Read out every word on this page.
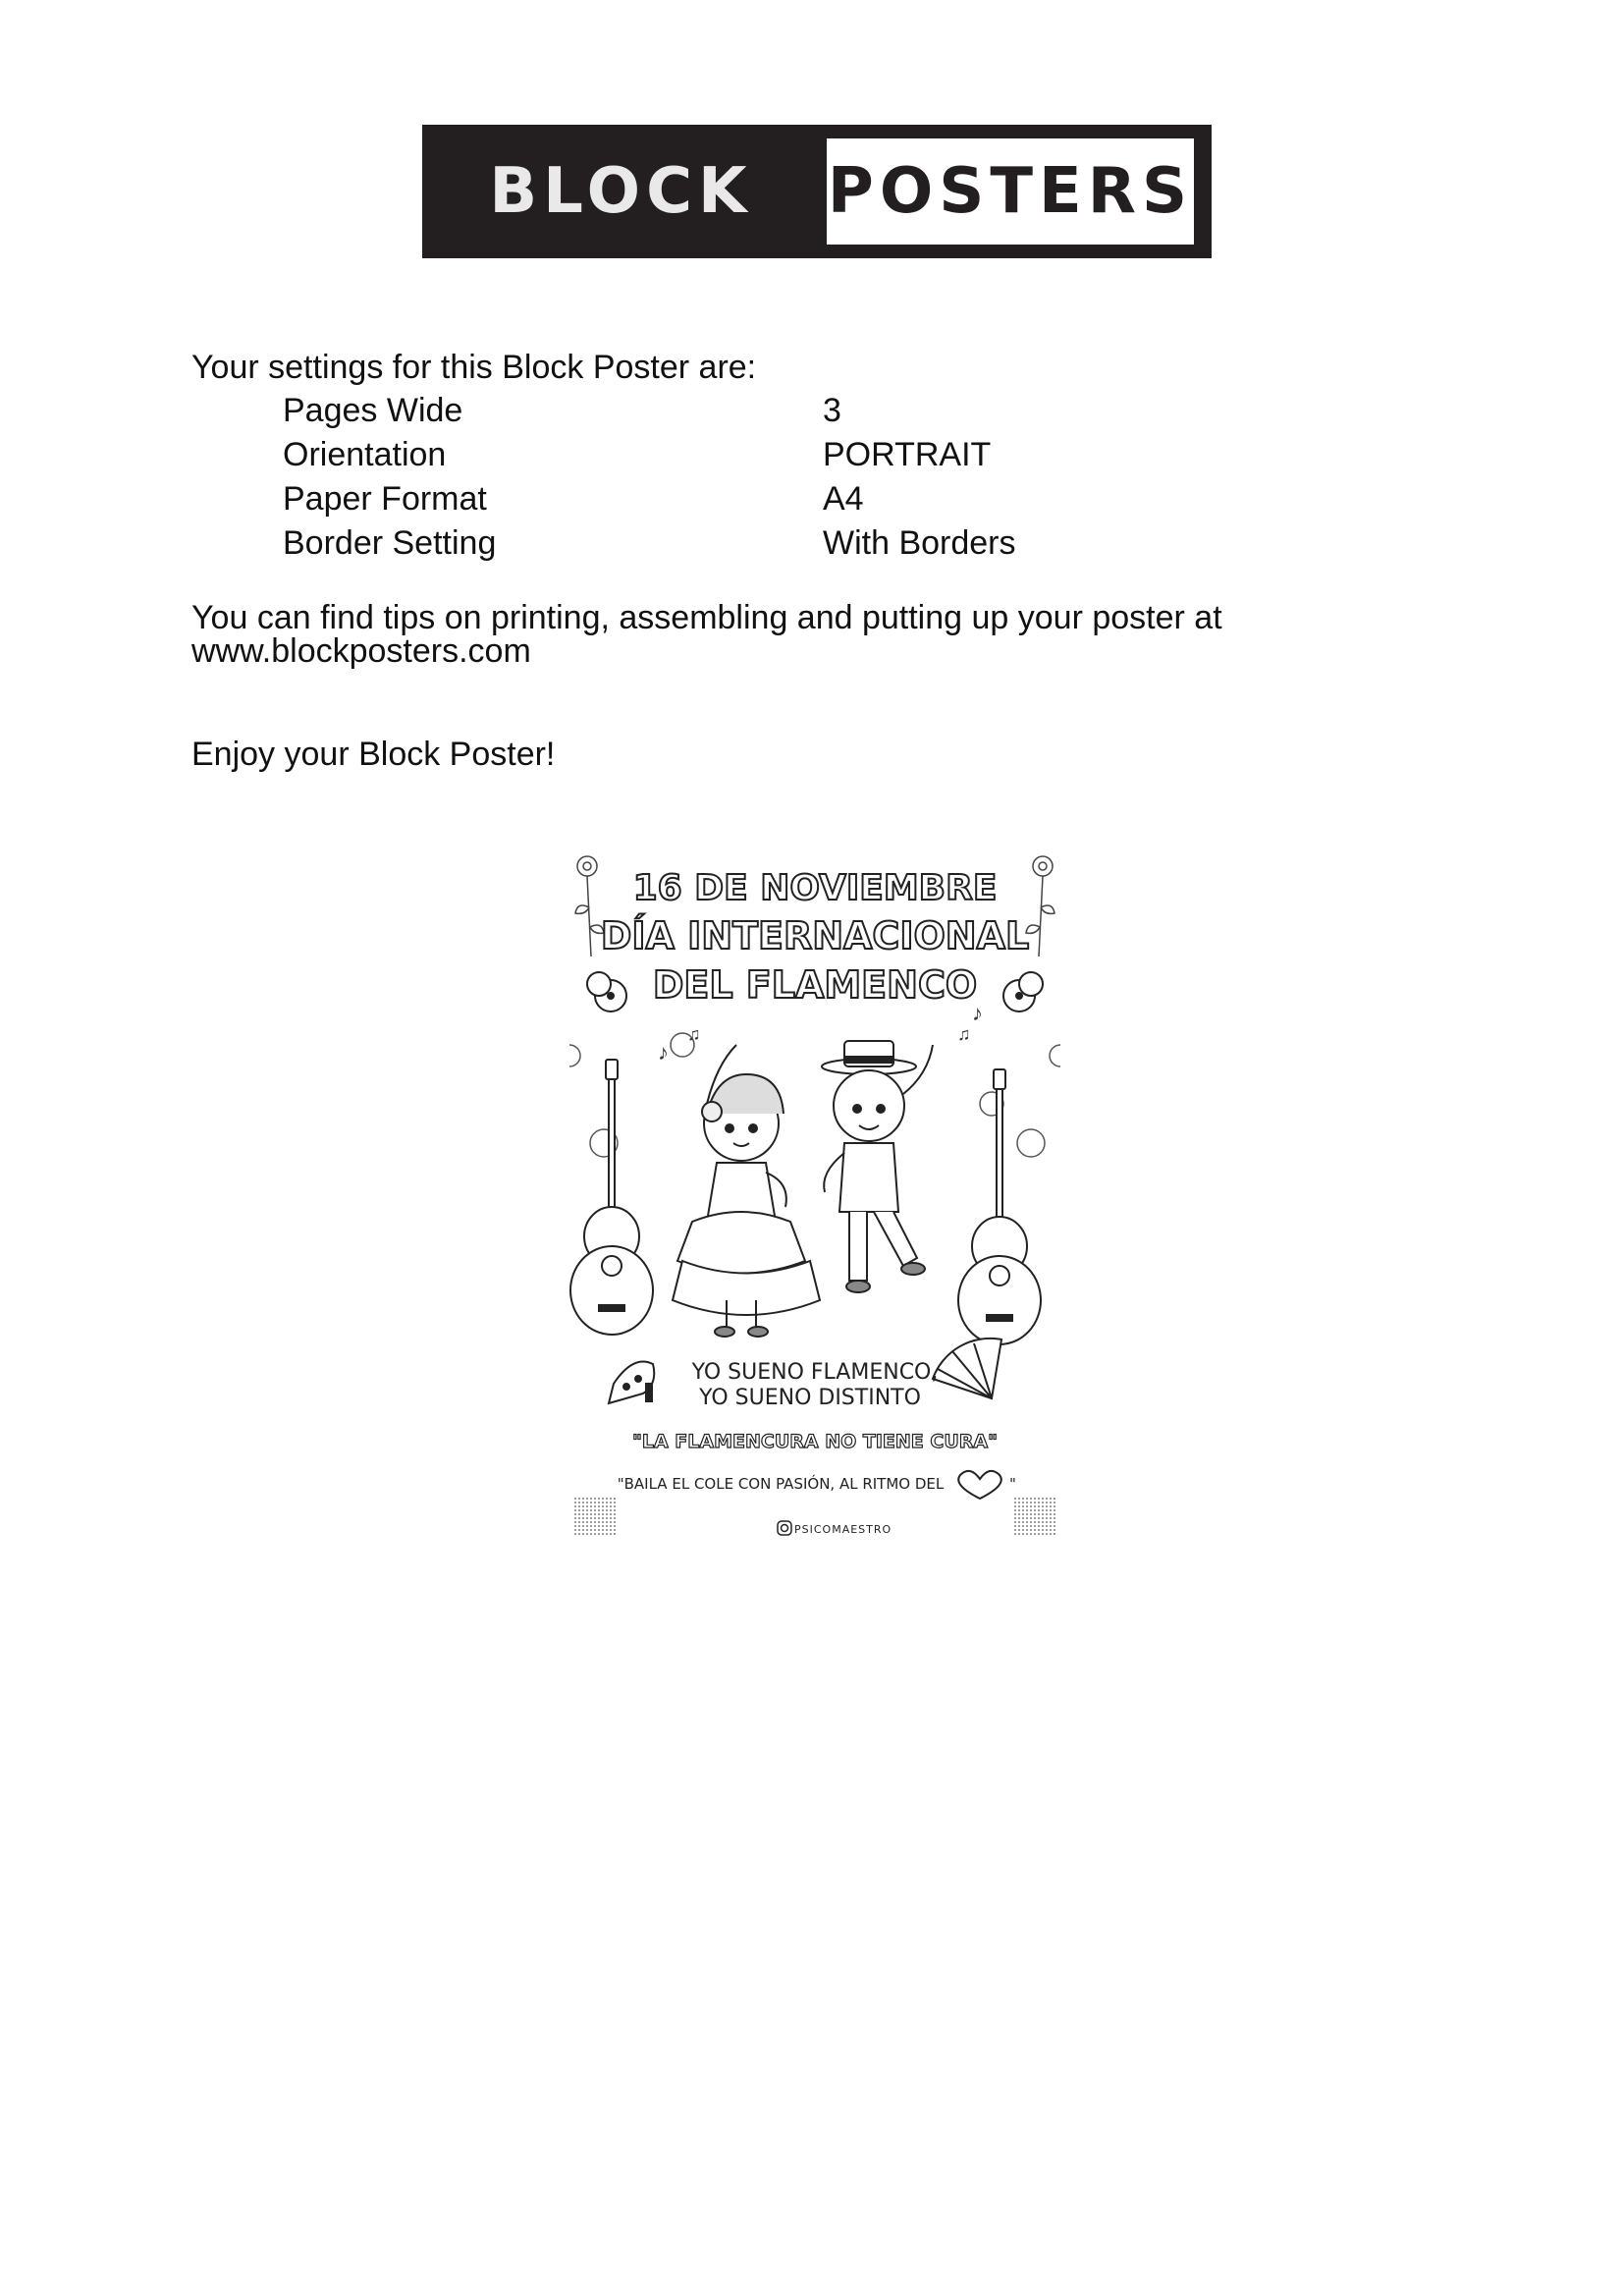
BLOCK POSTERS
Your settings for this Block Poster are:
Pages Wide	3
Orientation	PORTRAIT
Paper Format	A4
Border Setting	With Borders
You can find tips on printing, assembling and putting up your poster at
www.blockposters.com
Enjoy your Block Poster!
16 DE NOVIEMBRE
DÍA INTERNACIONAL
DEL FLAMENCO
♪
♫	♫
♪
YO SUENO FLAMENCO,
YO SUENO DISTINTO
"LA FLAMENCURA NO TIENE CURA"
"BAILA EL COLE CON PASIÓN, AL RITMO DEL	"
PSICOMAESTRO
